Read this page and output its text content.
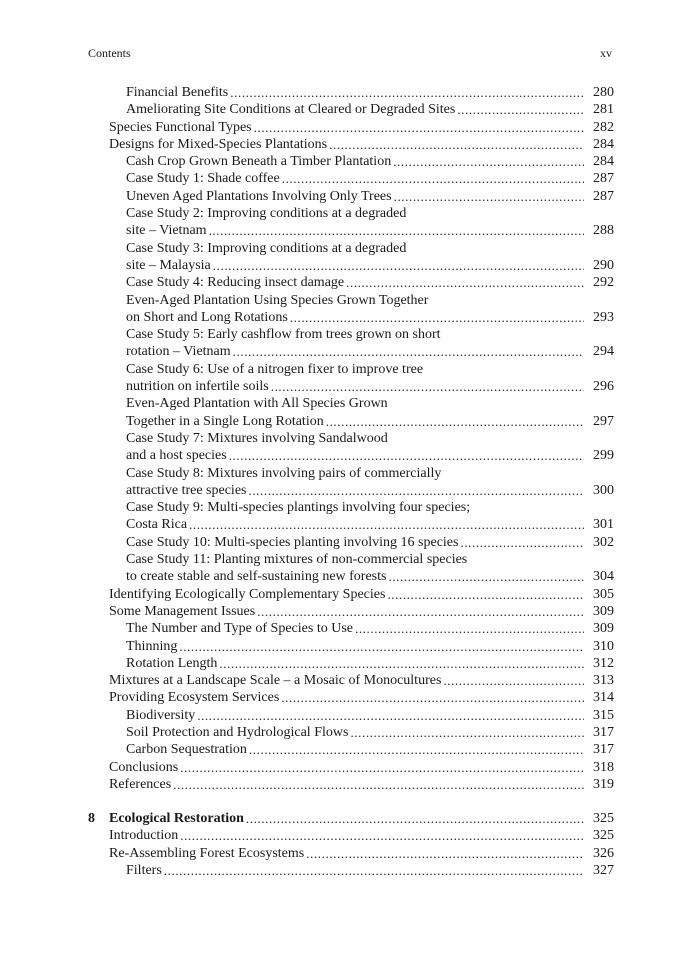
Contents	xv
Financial Benefits .....	280
Ameliorating Site Conditions at Cleared or Degraded Sites .....	281
Species Functional Types .....	282
Designs for Mixed-Species Plantations .....	284
Cash Crop Grown Beneath a Timber Plantation .....	284
Case Study 1: Shade coffee .....	287
Uneven Aged Plantations Involving Only Trees .....	287
Case Study 2: Improving conditions at a degraded
site – Vietnam .....	288
Case Study 3: Improving conditions at a degraded
site – Malaysia .....	290
Case Study 4: Reducing insect damage .....	292
Even-Aged Plantation Using Species Grown Together
on Short and Long Rotations .....	293
Case Study 5: Early cashflow from trees grown on short
rotation – Vietnam .....	294
Case Study 6: Use of a nitrogen fixer to improve tree
nutrition on infertile soils .....	296
Even-Aged Plantation with All Species Grown
Together in a Single Long Rotation .....	297
Case Study 7: Mixtures involving Sandalwood
and a host species .....	299
Case Study 8: Mixtures involving pairs of commercially
attractive tree species .....	300
Case Study 9: Multi-species plantings involving four species;
Costa Rica .....	301
Case Study 10: Multi-species planting involving 16 species .....	302
Case Study 11: Planting mixtures of non-commercial species
to create stable and self-sustaining new forests .....	304
Identifying Ecologically Complementary Species .....	305
Some Management Issues .....	309
The Number and Type of Species to Use .....	309
Thinning .....	310
Rotation Length .....	312
Mixtures at a Landscape Scale – a Mosaic of Monocultures .....	313
Providing Ecosystem Services .....	314
Biodiversity .....	315
Soil Protection and Hydrological Flows .....	317
Carbon Sequestration .....	317
Conclusions .....	318
References .....	319
8	Ecological Restoration .....	325
Introduction .....	325
Re-Assembling Forest Ecosystems .....	326
Filters .....	327
